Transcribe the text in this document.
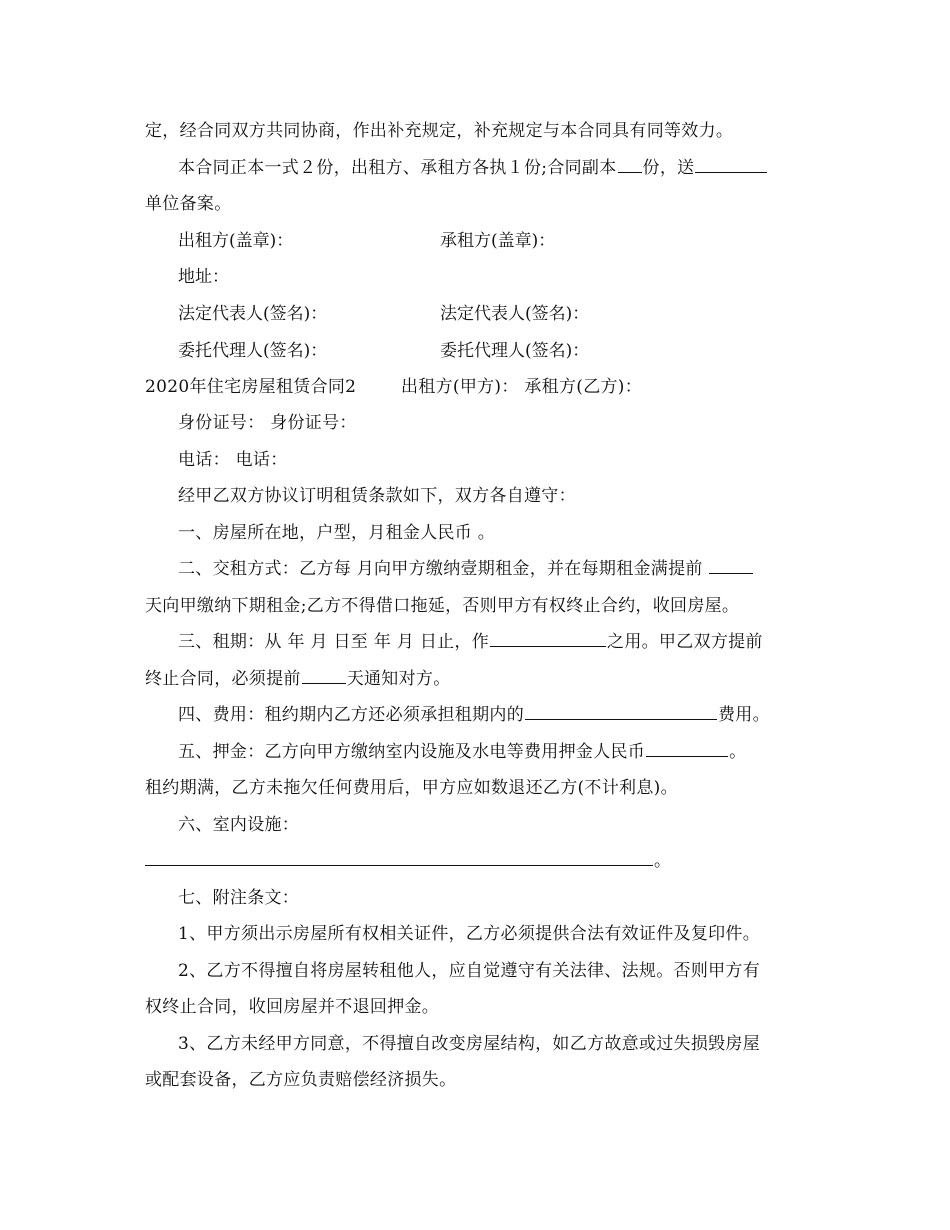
定，经合同双方共同协商，作出补充规定，补充规定与本合同具有同等效力。
本合同正本一式２份，出租方、承租方各执１份;合同副本 份，送
单位备案。
出租方(盖章)：	承租方(盖章)：
地址：
法定代表人(签名)：	法定代表人(签名)：
委托代理人(签名)：	委托代理人(签名)：
2020年住宅房屋租赁合同2	出租方(甲方)： 承租方(乙方)：
身份证号： 身份证号：
电话： 电话：
经甲乙双方协议订明租赁条款如下，双方各自遵守：
一、房屋所在地，户型，月租金人民币 。
二、交租方式：乙方每 月向甲方缴纳壹期租金，并在每期租金满提前
天向甲缴纳下期租金;乙方不得借口拖延，否则甲方有权终止合约，收回房屋。
三、租期：从 年 月 日至 年 月 日止，作	之用。甲乙双方提前
终止合同，必须提前	天通知对方。
四、费用：租约期内乙方还必须承担租期内的	费用。
五、押金：乙方向甲方缴纳室内设施及水电等费用押金人民币	。
租约期满，乙方未拖欠任何费用后，甲方应如数退还乙方(不计利息)。
六、室内设施：
。
七、附注条文：
1、甲方须出示房屋所有权相关证件，乙方必须提供合法有效证件及复印件。
2、乙方不得擅自将房屋转租他人，应自觉遵守有关法律、法规。否则甲方有
权终止合同，收回房屋并不退回押金。
3、乙方未经甲方同意，不得擅自改变房屋结构，如乙方故意或过失损毁房屋
或配套设备，乙方应负责赔偿经济损失。
